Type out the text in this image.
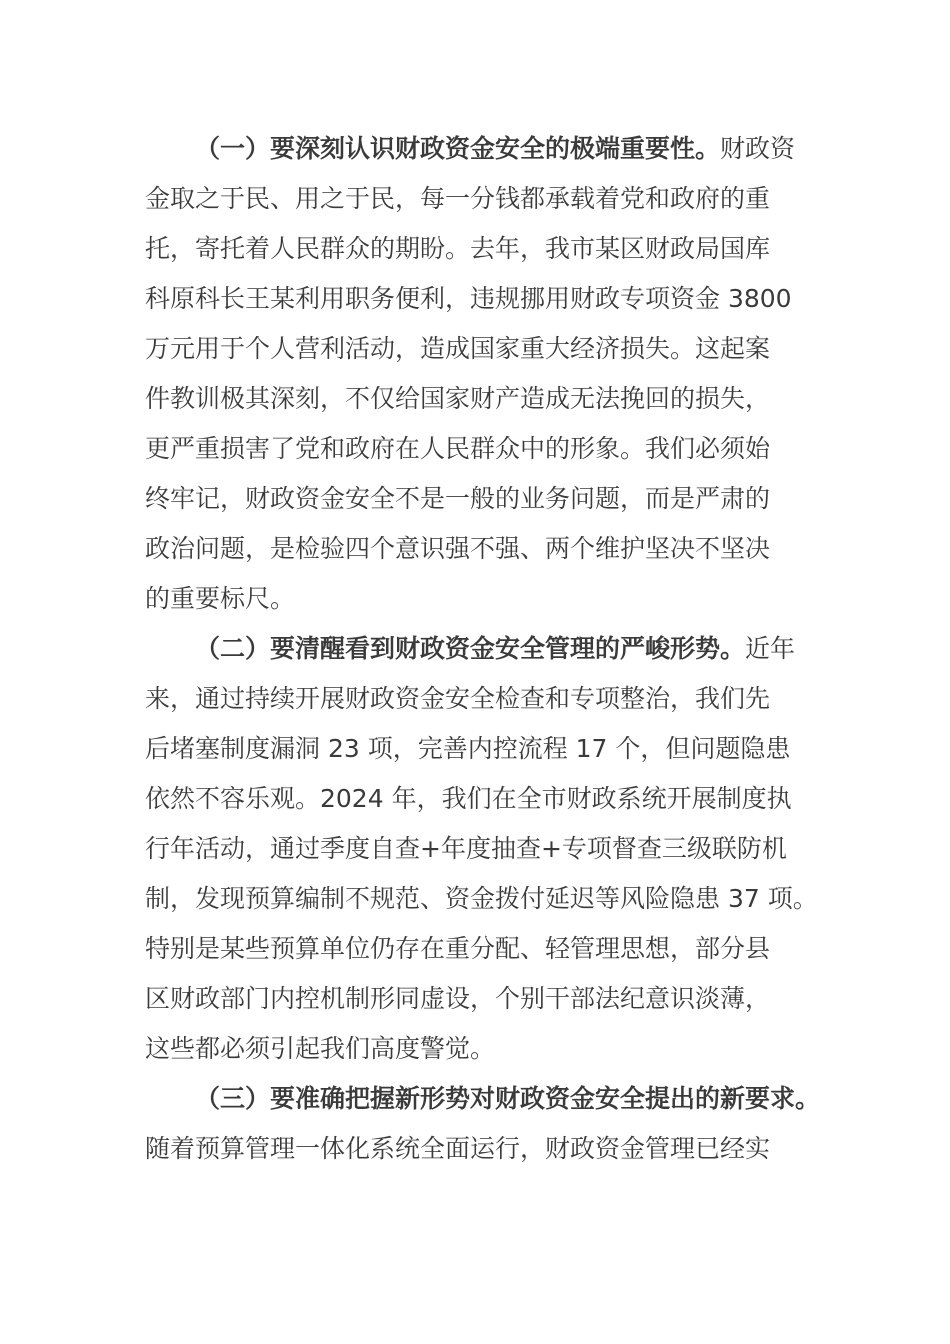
（一）要深刻认识财政资金安全的极端重要性。财政资
金取之于民、用之于民，每一分钱都承载着党和政府的重
托，寄托着人民群众的期盼。去年，我市某区财政局国库
科原科长王某利用职务便利，违规挪用财政专项资金 3800
万元用于个人营利活动，造成国家重大经济损失。这起案
件教训极其深刻，不仅给国家财产造成无法挽回的损失，
更严重损害了党和政府在人民群众中的形象。我们必须始
终牢记，财政资金安全不是一般的业务问题，而是严肃的
政治问题，是检验四个意识强不强、两个维护坚决不坚决
的重要标尺。
（二）要清醒看到财政资金安全管理的严峻形势。近年
来，通过持续开展财政资金安全检查和专项整治，我们先
后堵塞制度漏洞 23 项，完善内控流程 17 个，但问题隐患
依然不容乐观。2024 年，我们在全市财政系统开展制度执
行年活动，通过季度自查+年度抽查+专项督查三级联防机
制，发现预算编制不规范、资金拨付延迟等风险隐患 37 项。
特别是某些预算单位仍存在重分配、轻管理思想，部分县
区财政部门内控机制形同虚设，个别干部法纪意识淡薄，
这些都必须引起我们高度警觉。
（三）要准确把握新形势对财政资金安全提出的新要求。
随着预算管理一体化系统全面运行，财政资金管理已经实
